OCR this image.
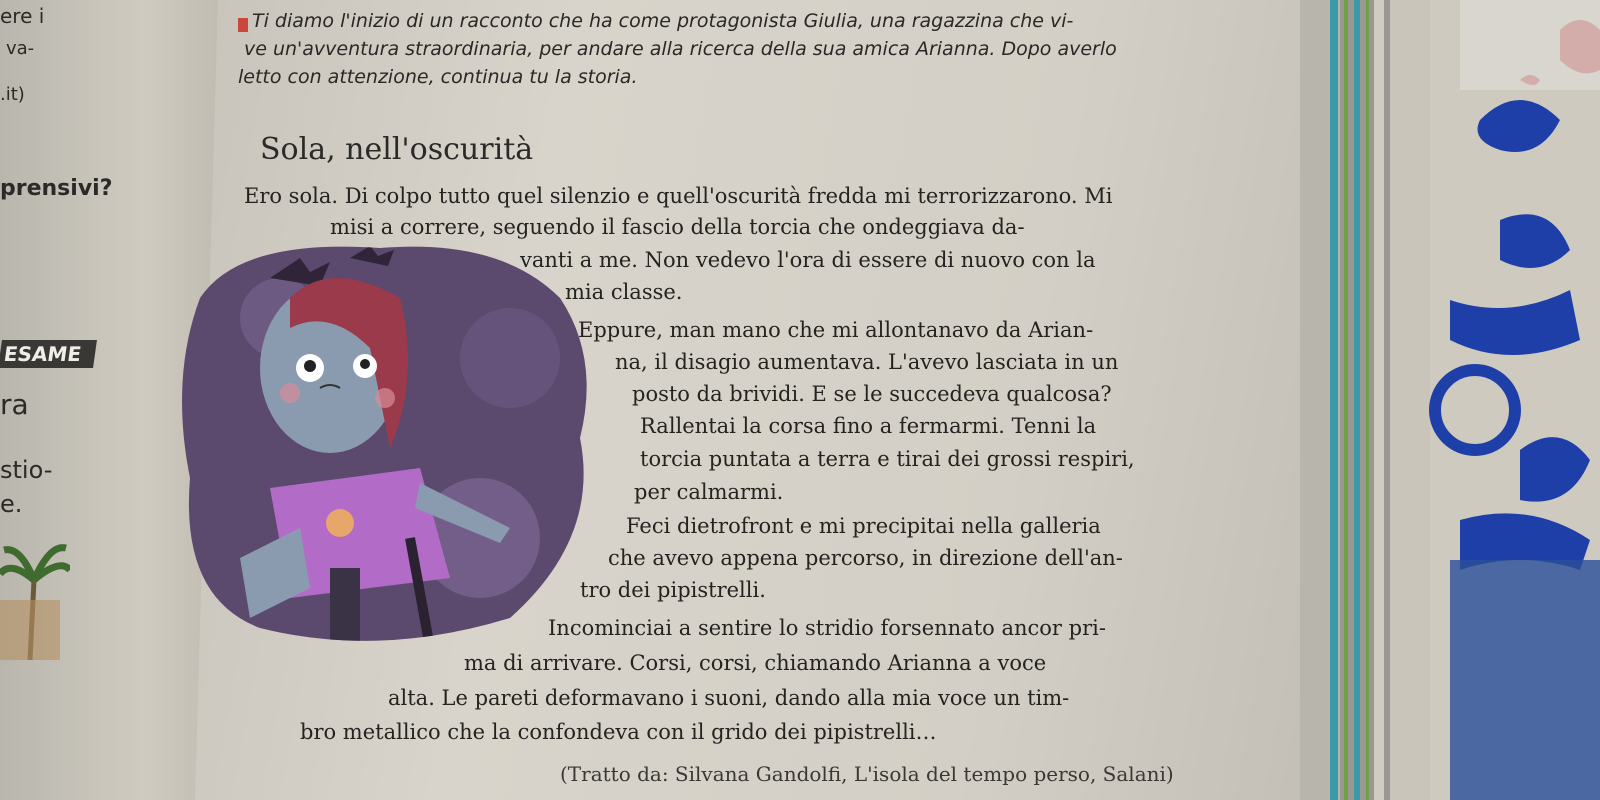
ere i
va-
.it)
prensivi?
ESAME
ra
stio-
e.
Ti diamo l'inizio di un racconto che ha come protagonista Giulia, una ragazzina che vi-
ve un'avventura straordinaria, per andare alla ricerca della sua amica Arianna. Dopo averlo
letto con attenzione, continua tu la storia.
Sola, nell'oscurità
Ero sola. Di colpo tutto quel silenzio e quell'oscurità fredda mi terrorizzarono. Mi
misi a correre, seguendo il fascio della torcia che ondeggiava da-
vanti a me. Non vedevo l'ora di essere di nuovo con la
mia classe.
Eppure, man mano che mi allontanavo da Arian-
na, il disagio aumentava. L'avevo lasciata in un
posto da brividi. E se le succedeva qualcosa?
Rallentai la corsa fino a fermarmi. Tenni la
torcia puntata a terra e tirai dei grossi respiri,
per calmarmi.
Feci dietrofront e mi precipitai nella galleria
che avevo appena percorso, in direzione dell'an-
tro dei pipistrelli.
Incominciai a sentire lo stridio forsennato ancor pri-
ma di arrivare. Corsi, corsi, chiamando Arianna a voce
alta. Le pareti deformavano i suoni, dando alla mia voce un tim-
bro metallico che la confondeva con il grido dei pipistrelli…
(Tratto da: Silvana Gandolfi, L'isola del tempo perso, Salani)
